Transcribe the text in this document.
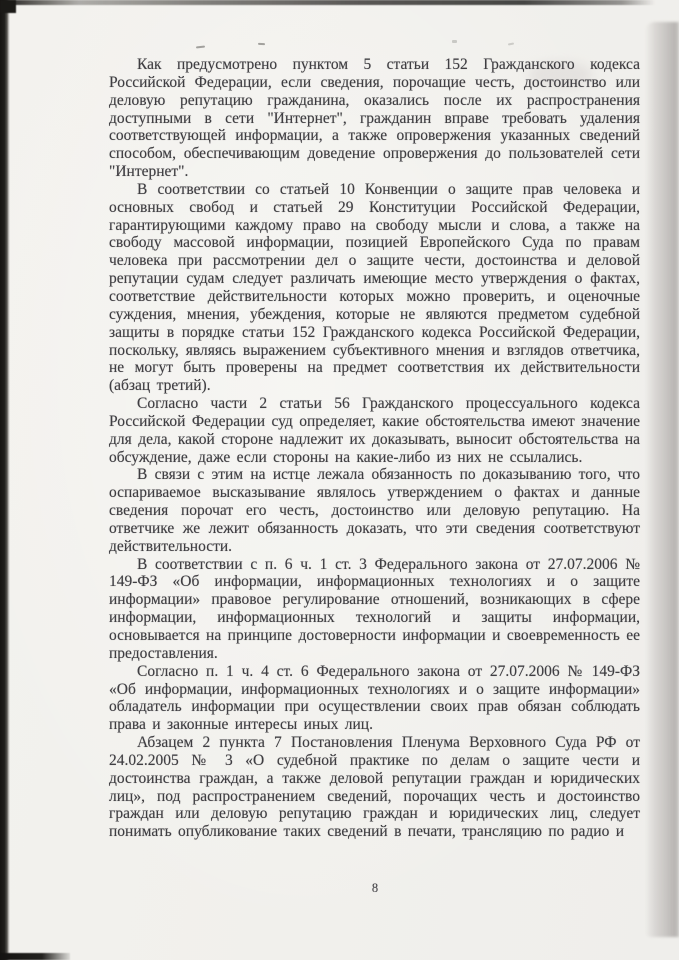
Как предусмотрено пунктом 5 статьи 152 Гражданского кодекса Российской Федерации, если сведения, порочащие честь, достоинство или деловую репутацию гражданина, оказались после их распространения доступными в сети "Интернет", гражданин вправе требовать удаления соответствующей информации, а также опровержения указанных сведений способом, обеспечивающим доведение опровержения до пользователей сети "Интернет".

В соответствии со статьей 10 Конвенции о защите прав человека и основных свобод и статьей 29 Конституции Российской Федерации, гарантирующими каждому право на свободу мысли и слова, а также на свободу массовой информации, позицией Европейского Суда по правам человека при рассмотрении дел о защите чести, достоинства и деловой репутации судам следует различать имеющие место утверждения о фактах, соответствие действительности которых можно проверить, и оценочные суждения, мнения, убеждения, которые не являются предметом судебной защиты в порядке статьи 152 Гражданского кодекса Российской Федерации, поскольку, являясь выражением субъективного мнения и взглядов ответчика, не могут быть проверены на предмет соответствия их действительности (абзац третий).

Согласно части 2 статьи 56 Гражданского процессуального кодекса Российской Федерации суд определяет, какие обстоятельства имеют значение для дела, какой стороне надлежит их доказывать, выносит обстоятельства на обсуждение, даже если стороны на какие-либо из них не ссылались.

В связи с этим на истце лежала обязанность по доказыванию того, что оспариваемое высказывание являлось утверждением о фактах и данные сведения порочат его честь, достоинство или деловую репутацию. На ответчике же лежит обязанность доказать, что эти сведения соответствуют действительности.

В соответствии с п. 6 ч. 1 ст. 3 Федерального закона от 27.07.2006 № 149-ФЗ «Об информации, информационных технологиях и о защите информации» правовое регулирование отношений, возникающих в сфере информации, информационных технологий и защиты информации, основывается на принципе достоверности информации и своевременность ее предоставления.

Согласно п. 1 ч. 4 ст. 6 Федерального закона от 27.07.2006 № 149-ФЗ «Об информации, информационных технологиях и о защите информации» обладатель информации при осуществлении своих прав обязан соблюдать права и законные интересы иных лиц.

Абзацем 2 пункта 7 Постановления Пленума Верховного Суда РФ от 24.02.2005 № 3 «О судебной практике по делам о защите чести и достоинства граждан, а также деловой репутации граждан и юридических лиц», под распространением сведений, порочащих честь и достоинство граждан или деловую репутацию граждан и юридических лиц, следует понимать опубликование таких сведений в печати, трансляцию по радио и

8
